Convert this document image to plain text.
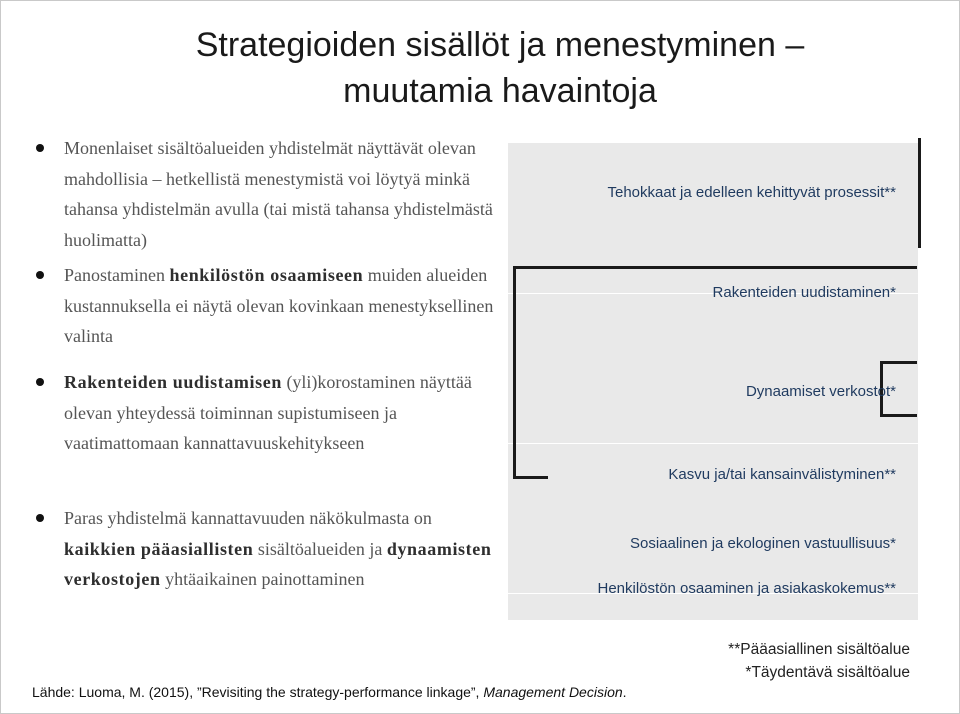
Strategioiden sisällöt ja menestyminen –
muutamia havaintoja
Monenlaiset sisältöalueiden yhdistelmät näyttävät olevan mahdollisia – hetkellistä menestymistä voi löytyä minkä tahansa yhdistelmän avulla (tai mistä tahansa yhdistelmästä huolimatta)
Panostaminen henkilöstön osaamiseen muiden alueiden kustannuksella ei näytä olevan kovinkaan menestyksellinen valinta
Rakenteiden uudistamisen (yli)korostaminen näyttää olevan yhteydessä toiminnan supistumiseen ja vaatimattomaan kannattavuuskehitykseen
Paras yhdistelmä kannattavuuden näkökulmasta on kaikkien pääasiallisten sisältöalueiden ja dynaamisten verkostojen yhtäaikainen painottaminen
Tehokkaat ja edelleen kehittyvät prosessit**
Rakenteiden uudistaminen*
Dynaamiset verkostot*
Kasvu ja/tai kansainvälistyminen**
Sosiaalinen ja ekologinen vastuullisuus*
Henkilöstön osaaminen ja asiakaskokemus**
**Pääasiallinen sisältöalue
*Täydentävä sisältöalue
Lähde: Luoma, M. (2015), ”Revisiting the strategy-performance linkage”, Management Decision.
